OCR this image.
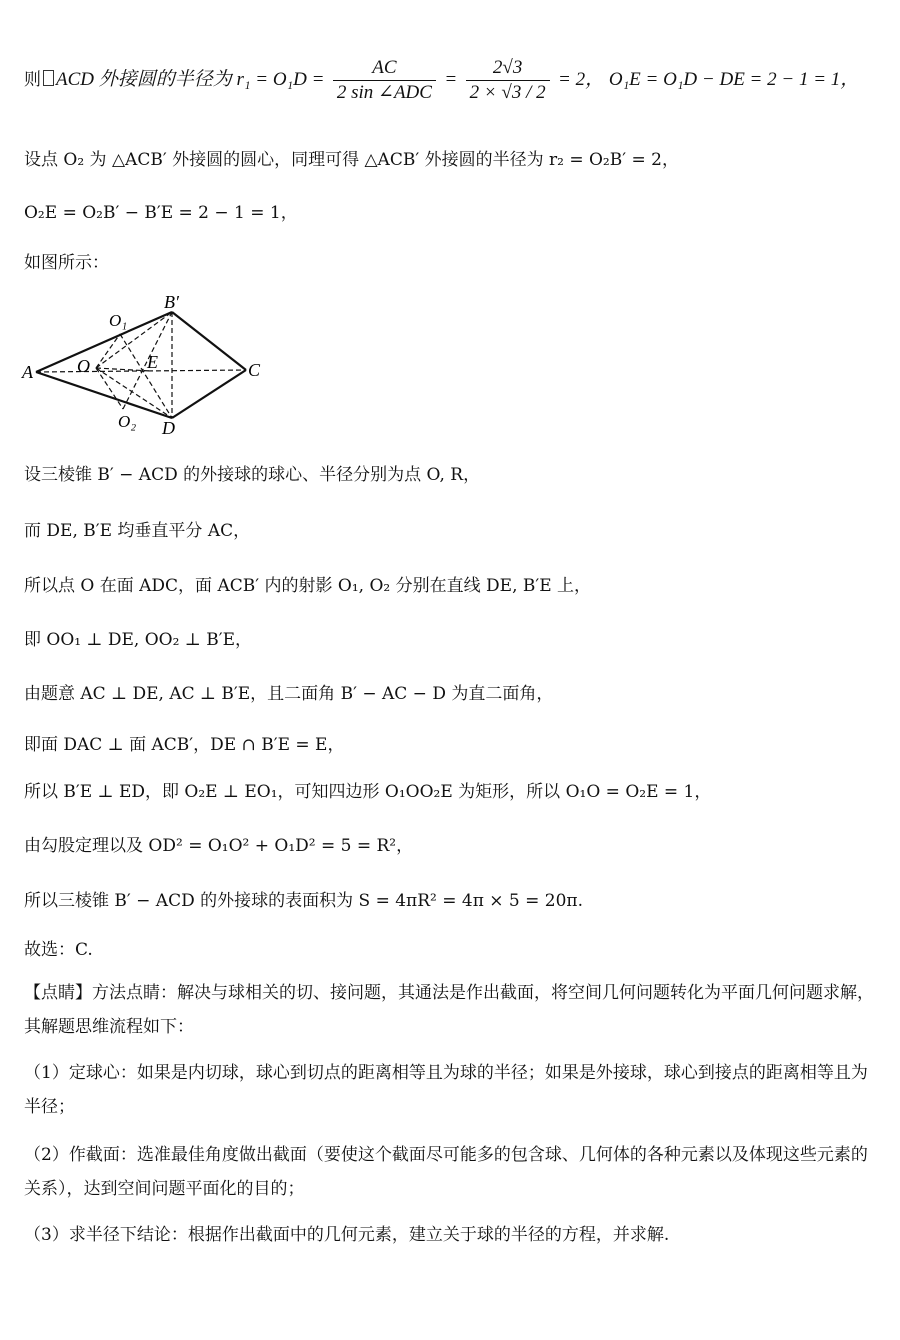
则 ACD 外接圆的半径为 $r_1 = O_1D = \frac{AC}{\text{2 sin ∠ADC}} = \frac{2√3}{2 \times √3 / 2} = 2$， O₁E = O₁D − DE = 2 − 1 = 1，
设点 O₂ 为 △ACB′ 外接圆的圆心，同理可得 △ACB′ 外接圆的半径为 r₂ = O₂B′ = 2，
O₂E = O₂B′ − B′E = 2 − 1 = 1，
如图所示：
A
B′
C
D
E
O
O₁
O₂
设三棱锥 B′ − ACD 的外接球的球心、半径分别为点 O, R，
而 DE, B′E 均垂直平分 AC，
所以点 O 在面 ADC，面 ACB′ 内的射影 O₁, O₂ 分别在直线 DE, B′E 上，
即 OO₁ ⊥ DE, OO₂ ⊥ B′E，
由题意 AC ⊥ DE, AC ⊥ B′E，且二面角 B′ − AC − D 为直二面角，
即面 DAC ⊥ 面 ACB′，DE ∩ B′E = E，
所以 B′E ⊥ ED，即 O₂E ⊥ EO₁，可知四边形 O₁OO₂E 为矩形，所以 O₁O = O₂E = 1，
由勾股定理以及 OD² = O₁O² + O₁D² = 5 = R²，
所以三棱锥 B′ − ACD 的外接球的表面积为 S = 4πR² = 4π × 5 = 20π.
故选：C.
【点睛】方法点睛：解决与球相关的切、接问题，其通法是作出截面，将空间几何问题转化为平面几何问题求解，其解题思维流程如下：
（1）定球心：如果是内切球，球心到切点的距离相等且为球的半径；如果是外接球，球心到接点的距离相等且为半径；
（2）作截面：选准最佳角度做出截面（要使这个截面尽可能多的包含球、几何体的各种元素以及体现这些元素的关系），达到空间问题平面化的目的；
（3）求半径下结论：根据作出截面中的几何元素，建立关于球的半径的方程，并求解.
